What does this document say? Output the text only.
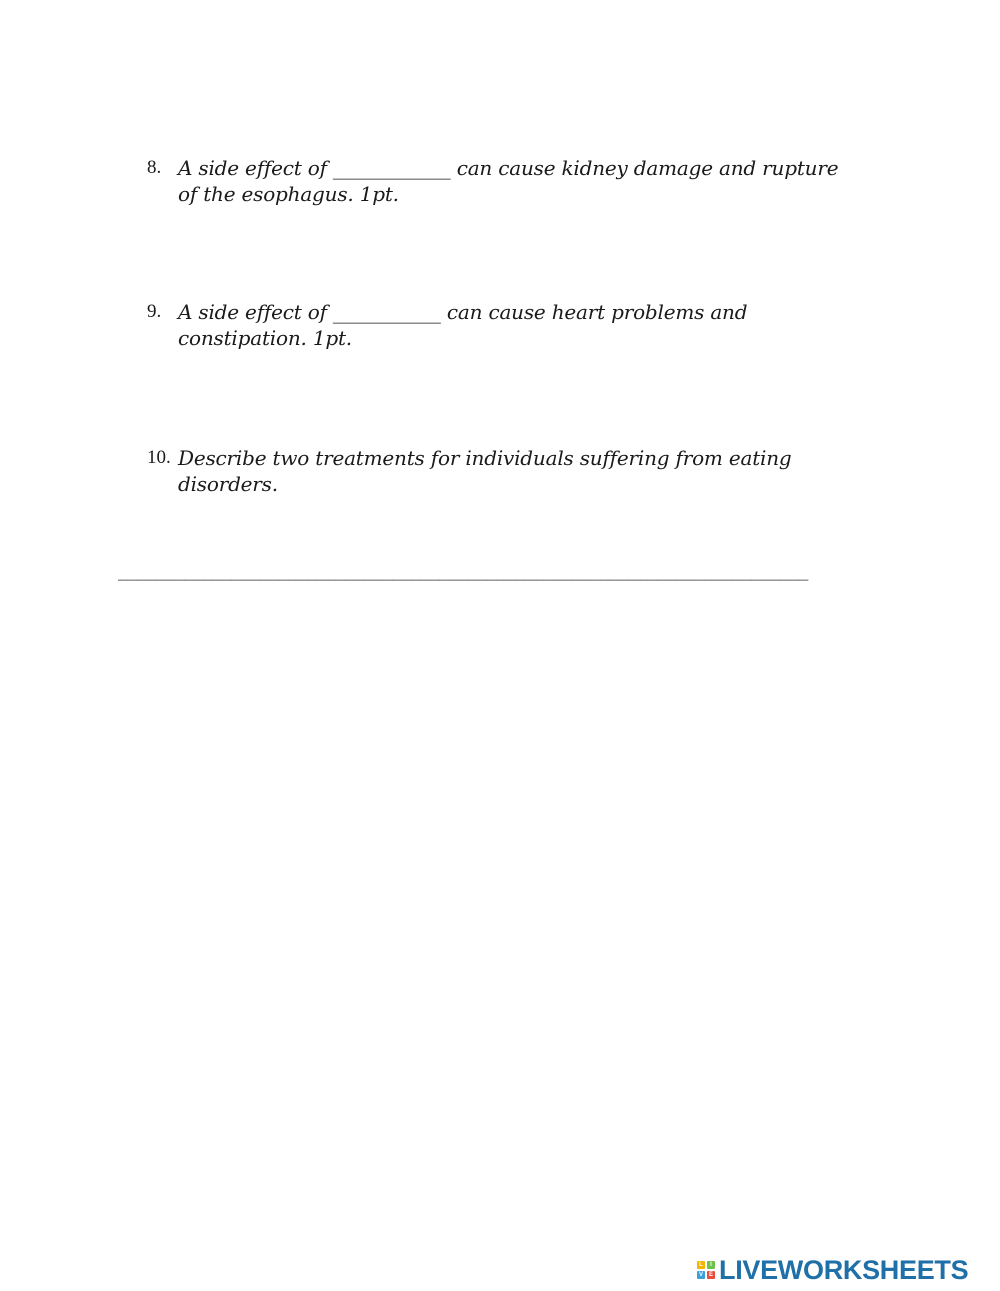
8. A side effect of ____________ can cause kidney damage and rupture
of the esophagus. 1pt.
9. A side effect of ___________ can cause heart problems and
constipation. 1pt.
10. Describe two treatments for individuals suffering from eating
disorders.
_________________________________________________________________________
L	I
V E LIVEWORKSHEETS
